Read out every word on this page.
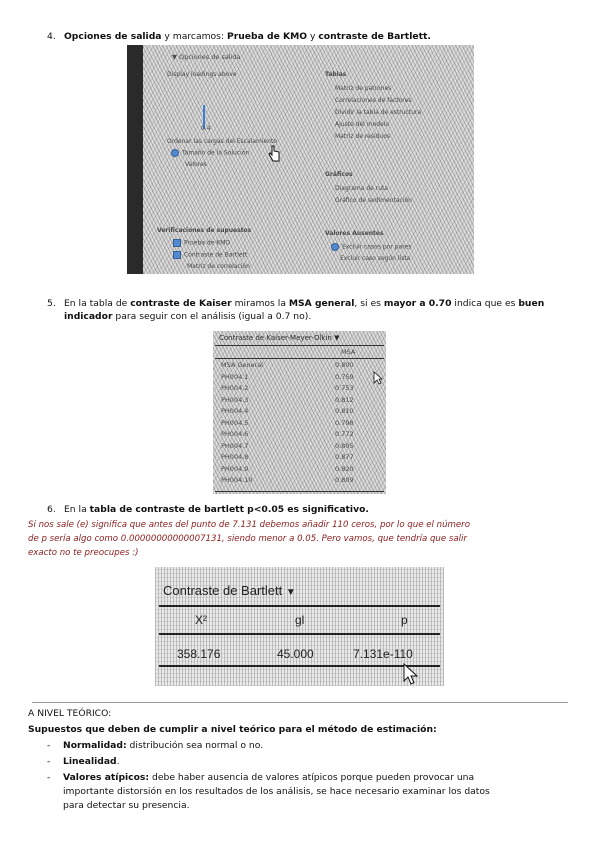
4. Opciones de salida y marcamos: Prueba de KMO y contraste de Bartlett.
▼ Opciones de salida
Display loadings above
0.4
Ordenar las cargas del Escalamiento
Tamaño de la Solución
Valores
Tablas
Matriz de patrones
Correlaciones de factores
Dividir la tabla de estructura
Ajuste del modelo
Matriz de residuos
Gráficos
Diagrama de ruta
Gráfico de sedimentación
Verificaciones de supuestos
Prueba de KMO
Contraste de Bartlett
Matriz de correlación
Valores Ausentes
Excluir casos por pares
Excluir caso según lista
5. En la tabla de contraste de Kaiser miramos la MSA general, si es mayor a 0.70 indica que es buen indicador para seguir con el análisis (igual a 0.7 no).
Contraste de Kaiser-Meyer-Olkin ▼
MSA
MSA General	0.800
PH004.1	0.759
PH004.2	0.753
PH004.3	0.812
PH004.4	0.810
PH004.5	0.798
PH004.6	0.772
PH004.7	0.805
PH004.8	0.877
PH004.9	0.820
PH004.10	0.809
6. En la tabla de contraste de bartlett p<0.05 es significativo.
Si nos sale (e) significa que antes del punto de 7.131 debemos añadir 110 ceros, por lo que el número
de p sería algo como 0.00000000000007131, siendo menor a 0.05. Pero vamos, que tendría que salir
exacto no te preocupes :)
Contraste de Bartlett ▼
X²	gl	p
358.176	45.000	7.131e-110
A NIVEL TEÓRICO:
Supuestos que deben de cumplir a nivel teórico para el método de estimación:
- Normalidad: distribución sea normal o no.
- Linealidad.
- Valores atípicos: debe haber ausencia de valores atípicos porque pueden provocar una
importante distorsión en los resultados de los análisis, se hace necesario examinar los datos
para detectar su presencia.
